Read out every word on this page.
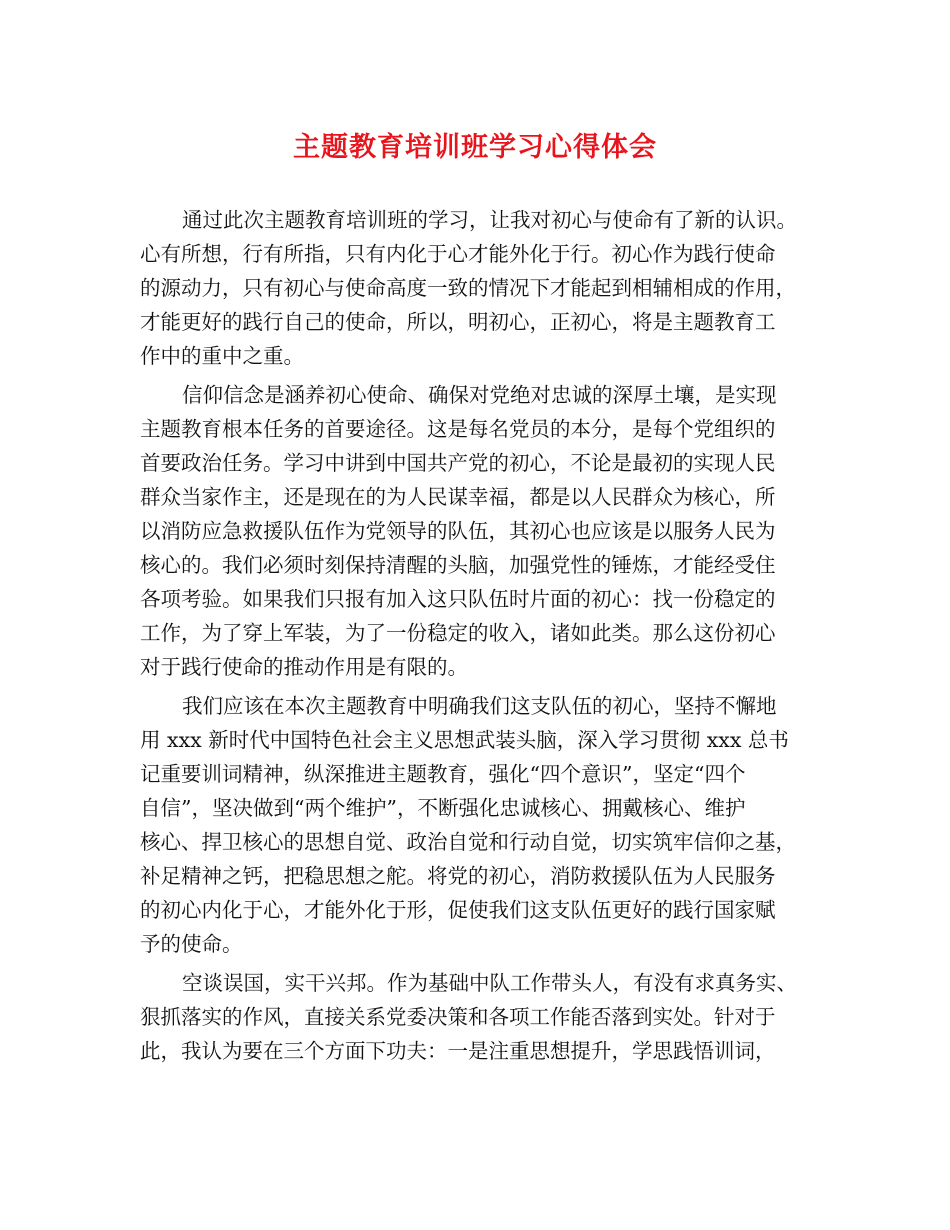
主题教育培训班学习心得体会

通过此次主题教育培训班的学习，让我对初心与使命有了新的认识。
心有所想，行有所指，只有内化于心才能外化于行。初心作为践行使命
的源动力，只有初心与使命高度一致的情况下才能起到相辅相成的作用，
才能更好的践行自己的使命，所以，明初心，正初心，将是主题教育工
作中的重中之重。

信仰信念是涵养初心使命、确保对党绝对忠诚的深厚土壤，是实现
主题教育根本任务的首要途径。这是每名党员的本分，是每个党组织的
首要政治任务。学习中讲到中国共产党的初心，不论是最初的实现人民
群众当家作主，还是现在的为人民谋幸福，都是以人民群众为核心，所
以消防应急救援队伍作为党领导的队伍，其初心也应该是以服务人民为
核心的。我们必须时刻保持清醒的头脑，加强党性的锤炼，才能经受住
各项考验。如果我们只报有加入这只队伍时片面的初心：找一份稳定的
工作，为了穿上军装，为了一份稳定的收入，诸如此类。那么这份初心
对于践行使命的推动作用是有限的。

我们应该在本次主题教育中明确我们这支队伍的初心，坚持不懈地
用 xxx 新时代中国特色社会主义思想武装头脑，深入学习贯彻 xxx 总书
记重要训词精神，纵深推进主题教育，强化“四个意识”，坚定“四个
自信”，坚决做到“两个维护”，不断强化忠诚核心、拥戴核心、维护
核心、捍卫核心的思想自觉、政治自觉和行动自觉，切实筑牢信仰之基，
补足精神之钙，把稳思想之舵。将党的初心，消防救援队伍为人民服务
的初心内化于心，才能外化于形，促使我们这支队伍更好的践行国家赋
予的使命。

空谈误国，实干兴邦。作为基础中队工作带头人，有没有求真务实、
狠抓落实的作风，直接关系党委决策和各项工作能否落到实处。针对于
此，我认为要在三个方面下功夫：一是注重思想提升，学思践悟训词，
